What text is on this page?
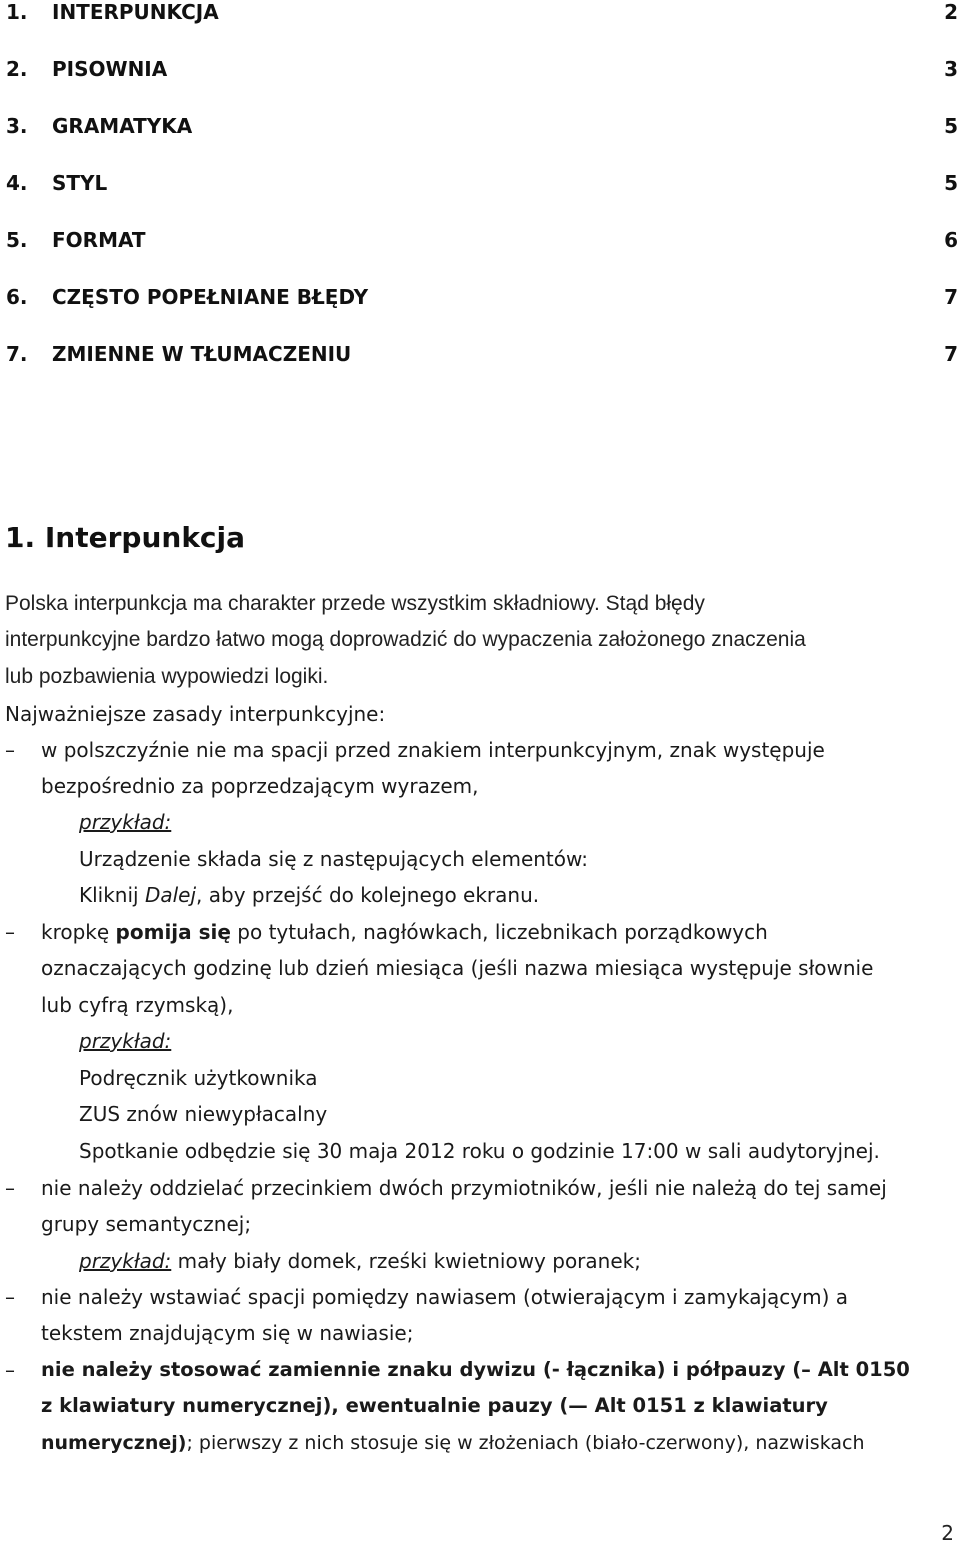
1. INTERPUNKCJA	2
2. PISOWNIA	3
3. GRAMATYKA	5
4. STYL	5
5. FORMAT	6
6. CZĘSTO POPEŁNIANE BŁĘDY	7
7. ZMIENNE W TŁUMACZENIU	7
1. Interpunkcja
Polska interpunkcja ma charakter przede wszystkim składniowy. Stąd błędy
interpunkcyjne bardzo łatwo mogą doprowadzić do wypaczenia założonego znaczenia
lub pozbawienia wypowiedzi logiki.
Najważniejsze zasady interpunkcyjne:
– w polszczyźnie nie ma spacji przed znakiem interpunkcyjnym, znak występuje
bezpośrednio za poprzedzającym wyrazem,
przykład:
Urządzenie składa się z następujących elementów:
Kliknij Dalej, aby przejść do kolejnego ekranu.
– kropkę pomija się po tytułach, nagłówkach, liczebnikach porządkowych
oznaczających godzinę lub dzień miesiąca (jeśli nazwa miesiąca występuje słownie
lub cyfrą rzymską),
przykład:
Podręcznik użytkownika
ZUS znów niewypłacalny
Spotkanie odbędzie się 30 maja 2012 roku o godzinie 17:00 w sali audytoryjnej.
– nie należy oddzielać przecinkiem dwóch przymiotników, jeśli nie należą do tej samej
grupy semantycznej;
przykład: mały biały domek, rześki kwietniowy poranek;
– nie należy wstawiać spacji pomiędzy nawiasem (otwierającym i zamykającym) a
tekstem znajdującym się w nawiasie;
– nie należy stosować zamiennie znaku dywizu (- łącznika) i półpauzy (– Alt 0150
z klawiatury numerycznej), ewentualnie pauzy (— Alt 0151 z klawiatury
numerycznej); pierwszy z nich stosuje się w złożeniach (biało-czerwony), nazwiskach
2
